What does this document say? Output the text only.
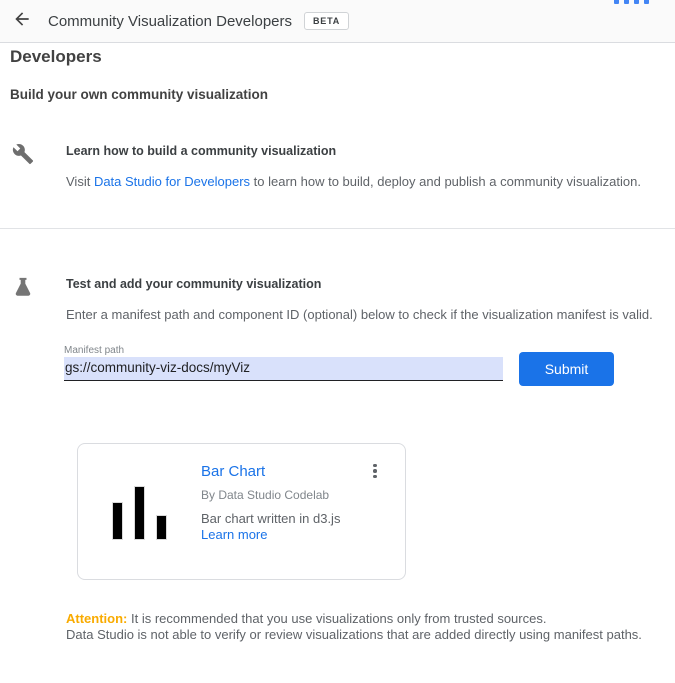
Community Visualization Developers	BETA
Developers
Build your own community visualization
Learn how to build a community visualization
Visit Data Studio for Developers to learn how to build, deploy and publish a community visualization.
Test and add your community visualization
Enter a manifest path and component ID (optional) below to check if the visualization manifest is valid.
Manifest path
gs://community-viz-docs/myViz
Submit
Bar Chart
By Data Studio Codelab
Bar chart written in d3.js
Learn more
Attention: It is recommended that you use visualizations only from trusted sources.
Data Studio is not able to verify or review visualizations that are added directly using manifest paths.
